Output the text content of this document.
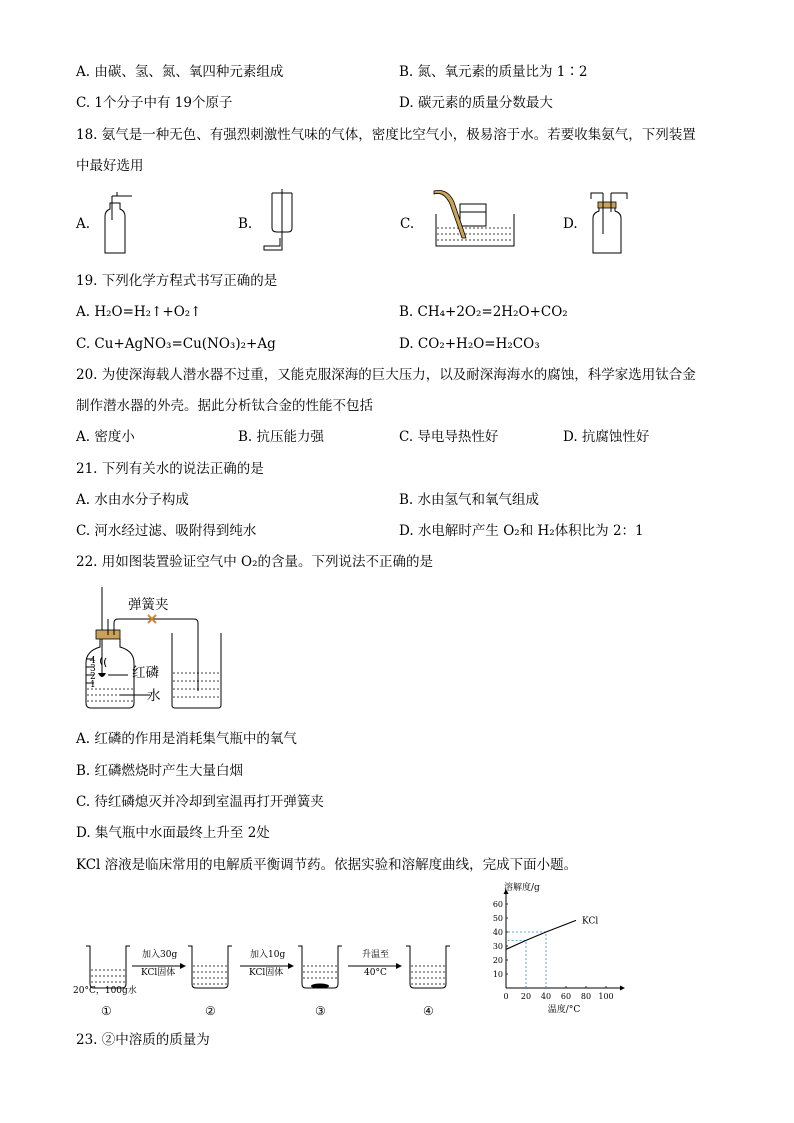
A. 由碳、氢、氮、氧四种元素组成	B. 氮、氧元素的质量比为 1∶2
C. 1个分子中有 19个原子	D. 碳元素的质量分数最大
18. 氨气是一种无色、有强烈刺激性气味的气体，密度比空气小，极易溶于水。若要收集氨气，下列装置
中最好选用
A.	B.	C.	D.
19. 下列化学方程式书写正确的是
A. H₂O=H₂↑+O₂↑	B. CH₄+2O₂=2H₂O+CO₂
C. Cu+AgNO₃=Cu(NO₃)₂+Ag	D. CO₂+H₂O=H₂CO₃
20. 为使深海载人潜水器不过重，又能克服深海的巨大压力，以及耐深海海水的腐蚀，科学家选用钛合金
制作潜水器的外壳。据此分析钛合金的性能不包括
A. 密度小	B. 抗压能力强	C. 导电导热性好	D. 抗腐蚀性好
21. 下列有关水的说法正确的是
A. 水由水分子构成	B. 水由氢气和氧气组成
C. 河水经过滤、吸附得到纯水	D. 水电解时产生 O₂和 H₂体积比为 2：1
22. 用如图装置验证空气中 O₂的含量。下列说法不正确的是
4
3
2
1
弹簧夹
红磷
水
A. 红磷的作用是消耗集气瓶中的氧气
B. 红磷燃烧时产生大量白烟
C. 待红磷熄灭并冷却到室温再打开弹簧夹
D. 集气瓶中水面最终上升至 2处
KCl 溶液是临床常用的电解质平衡调节药。依据实验和溶解度曲线，完成下面小题。
加入30g
KCl固体
加入10g
KCl固体
升温至
40°C
20°C，100g水
①	②	③	④
0 20 40 60 80 100
10
20
30
40
50
60
KCl
溶解度/g
温度/°C
23. ②中溶质的质量为
